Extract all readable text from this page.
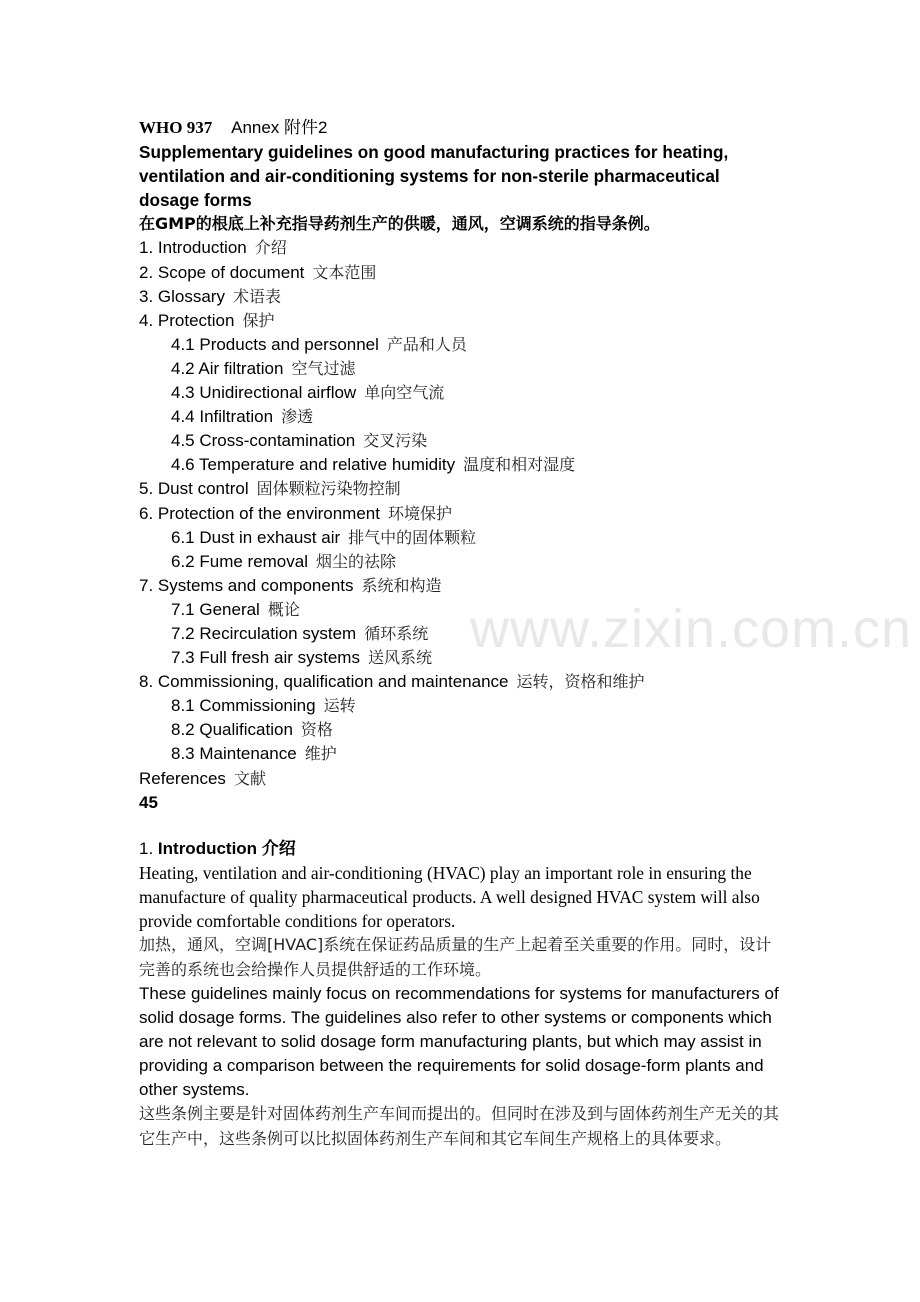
www.zixin.com.cn
WHO 937 Annex 附件2
Supplementary guidelines on good manufacturing practices for heating, ventilation and air-conditioning systems for non-sterile pharmaceutical dosage forms
在GMP的根底上补充指导药剂生产的供暖，通风，空调系统的指导条例。
1. Introduction 介绍
2. Scope of document 文本范围
3. Glossary 术语表
4. Protection 保护
4.1 Products and personnel 产品和人员
4.2 Air filtration 空气过滤
4.3 Unidirectional airflow 单向空气流
4.4 Infiltration 渗透
4.5 Cross-contamination 交叉污染
4.6 Temperature and relative humidity 温度和相对湿度
5. Dust control 固体颗粒污染物控制
6. Protection of the environment 环境保护
6.1 Dust in exhaust air 排气中的固体颗粒
6.2 Fume removal 烟尘的祛除
7. Systems and components 系统和构造
7.1 General 概论
7.2 Recirculation system 循环系统
7.3 Full fresh air systems 送风系统
8. Commissioning, qualification and maintenance 运转，资格和维护
8.1 Commissioning 运转
8.2 Qualification 资格
8.3 Maintenance 维护
References 文献
45
1. Introduction 介绍
Heating, ventilation and air-conditioning (HVAC) play an important role in ensuring the manufacture of quality pharmaceutical products. A well designed HVAC system will also provide comfortable conditions for operators.
加热，通风，空调[HVAC]系统在保证药品质量的生产上起着至关重要的作用。同时，设计完善的系统也会给操作人员提供舒适的工作环境。
These guidelines mainly focus on recommendations for systems for manufacturers of solid dosage forms. The guidelines also refer to other systems or components which are not relevant to solid dosage form manufacturing plants, but which may assist in providing a comparison between the requirements for solid dosage-form plants and other systems.
这些条例主要是针对固体药剂生产车间而提出的。但同时在涉及到与固体药剂生产无关的其它生产中，这些条例可以比拟固体药剂生产车间和其它车间生产规格上的具体要求。
